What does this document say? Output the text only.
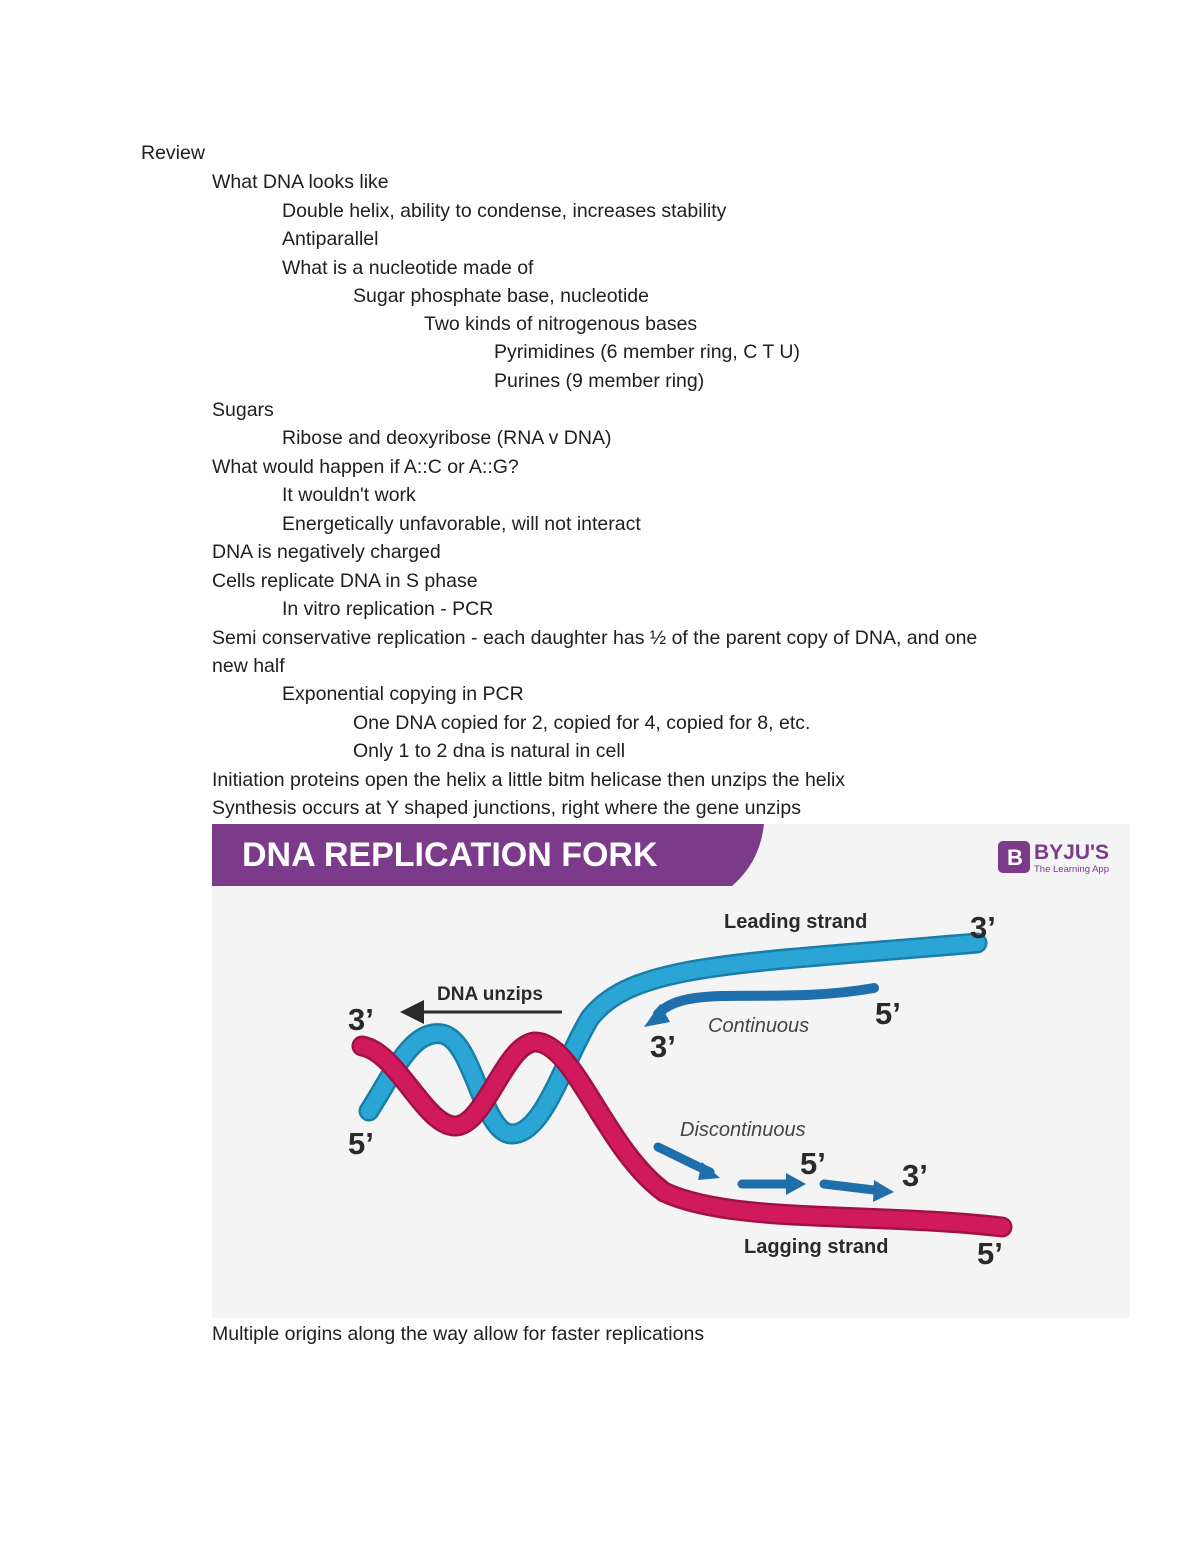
Review
What DNA looks like
Double helix, ability to condense, increases stability
Antiparallel
What is a nucleotide made of
Sugar phosphate base, nucleotide
Two kinds of nitrogenous bases
Pyrimidines (6 member ring, C T U)
Purines (9 member ring)
Sugars
Ribose and deoxyribose (RNA v DNA)
What would happen if A::C or A::G?
It wouldn't work
Energetically unfavorable, will not interact
DNA is negatively charged
Cells replicate DNA in S phase
In vitro replication - PCR
Semi conservative replication - each daughter has ½ of the parent copy of DNA, and one
new half
Exponential copying in PCR
One DNA copied for 2, copied for 4, copied for 8, etc.
Only 1 to 2 dna is natural in cell
Initiation proteins open the helix a little bitm helicase then unzips the helix
Synthesis occurs at Y shaped junctions, right where the gene unzips
DNA REPLICATION FORK	B BYJU'S
The Learning App
DNA unzips
Leading strand	3’
3’
5’
5’
3’
Continuous
Discontinuous
5’ 3’
Lagging strand	5’
Multiple origins along the way allow for faster replications
